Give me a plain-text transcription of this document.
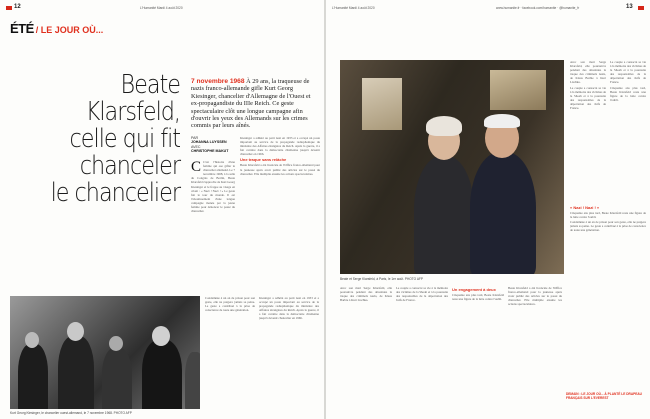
12	L'Humanité Mardi 4 août 2020
ÉTÉ / LE JOUR OÙ...
Beate
Klarsfeld,
celle qui fit
chanceler
le chancelier
Kurt Georg Kiesinger, le chancelier ouest-allemand, le 7 novembre 1968. PHOTO AFP
7 novembre 1968 À 29 ans, la traqueuse de nazis franco-allemande gifle Kurt Georg Kiesinger, chancelier d'Allemagne de l'Ouest et ex-propagandiste du IIIe Reich. Ce geste spectaculaire clôt une longue campagne afin d'ouvrir les yeux des Allemands sur les crimes commis par leurs aînés.
PAR
JOHANNA LUYSSEN
AVEC
CHRISTOPHE MAKUT
C C'est l'histoire d'une femme qui ose gifler le chancelier allemand. Le 7 novembre 1968, à la salle du Congrès de Berlin, Beate Klarsfeld s'approche de Kurt Georg Kiesinger et le frappe au visage en criant : « Nazi ! Nazi ! » Le geste fait le tour du monde. Il est l'aboutissement d'une longue campagne menée par la jeune femme pour dénoncer le passé du chancelier.

Kiesinger a adhéré au parti nazi en 1933 et a occupé un poste important au service de la propagande radiophonique du ministère des Affaires étrangères du Reich. Après la guerre, il a fait carrière dans la démocratie chrétienne jusqu'à devenir chancelier en 1966.

Une traque sans relâche

Beate Klarsfeld a été licenciée de l'Office franco-allemand pour la jeunesse après avoir publié des articles sur le passé du chancelier. Elle multiplie ensuite les actions spectaculaires.

Condamnée à un an de prison pour son geste, elle ne purgera jamais sa peine. Le geste a contribué à la prise de conscience de toute une génération.

Kiesinger a adhéré au parti nazi en 1933 et a occupé un poste important au service de la propagande radiophonique du ministère des Affaires étrangères du Reich. Après la guerre, il a fait carrière dans la démocratie chrétienne jusqu'à devenir chancelier en 1966.

L'Humanité Mardi 4 août 2020	www.humanite.fr · facebook.com/humanite · @humanite_fr	13
Beate et Serge Klarsfeld, à Paris, le 1er août. PHOTO AFP

Avec son mari Serge Klarsfeld, elle poursuivra pendant des décennies la traque des criminels nazis, de Klaus Barbie à Kurt Lischka.

Le couple a consacré sa vie à la mémoire des victimes de la Shoah et à la poursuite des responsables de la déportation des Juifs de France.

Le couple a consacré sa vie à la mémoire des victimes de la Shoah et à la poursuite des responsables de la déportation des Juifs de France.

Cinquante ans plus tard, Beate Klarsfeld reste une figure de la lutte contre l'oubli.

« Nazi ! Nazi ! »

Cinquante ans plus tard, Beate Klarsfeld reste une figure de la lutte contre l'oubli.

Condamnée à un an de prison pour son geste, elle ne purgera jamais sa peine. Le geste a contribué à la prise de conscience de toute une génération.

Avec son mari Serge Klarsfeld, elle poursuivra pendant des décennies la traque des criminels nazis, de Klaus Barbie à Kurt Lischka.

Le couple a consacré sa vie à la mémoire des victimes de la Shoah et à la poursuite des responsables de la déportation des Juifs de France.

Un engagement à deux

Cinquante ans plus tard, Beate Klarsfeld reste une figure de la lutte contre l'oubli.

Beate Klarsfeld a été licenciée de l'Office franco-allemand pour la jeunesse après avoir publié des articles sur le passé du chancelier. Elle multiplie ensuite les actions spectaculaires.

DEMAIN : LE JOUR OÙ... À PLANTÉ LE DRAPEAU FRANÇAIS SUR L'EVEREST
